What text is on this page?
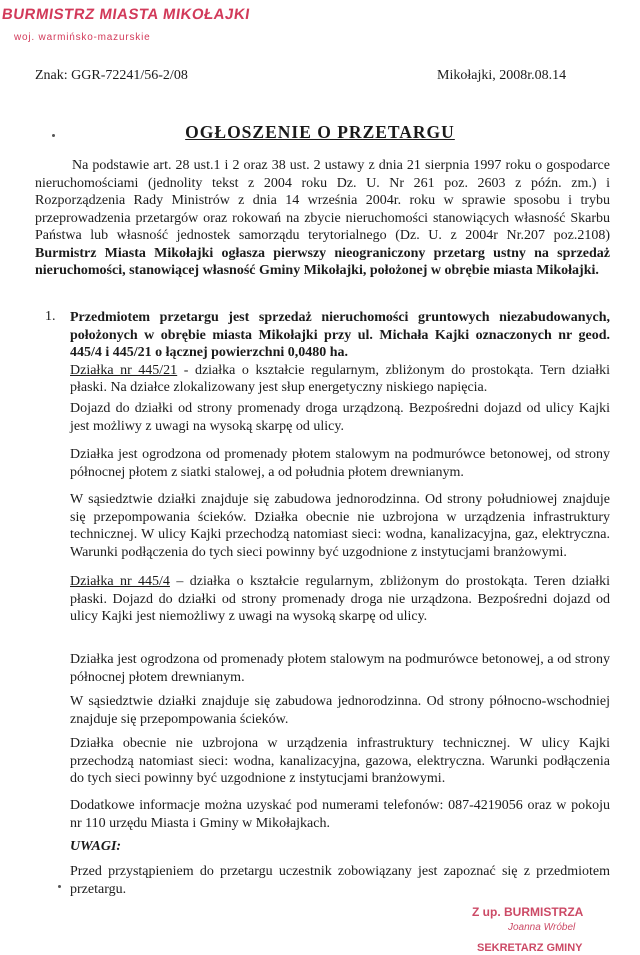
BURMISTRZ MIASTA MIKOŁAJKI
woj. warmińsko-mazurskie
Znak: GGR-72241/56-2/08	Mikołajki, 2008r.08.14
OGŁOSZENIE O PRZETARGU
Na podstawie art. 28 ust.1 i 2 oraz 38 ust. 2 ustawy z dnia 21 sierpnia 1997 roku o gospodarce nieruchomościami (jednolity tekst z 2004 roku Dz. U. Nr 261 poz. 2603 z późn. zm.) i Rozporządzenia Rady Ministrów z dnia 14 września 2004r. roku w sprawie sposobu i trybu przeprowadzenia przetargów oraz rokowań na zbycie nieruchomości stanowiących własność Skarbu Państwa lub własność jednostek samorządu terytorialnego (Dz. U. z 2004r Nr.207 poz.2108) Burmistrz Miasta Mikołajki ogłasza pierwszy nieograniczony przetarg ustny na sprzedaż nieruchomości, stanowiącej własność Gminy Mikołajki, położonej w obrębie miasta Mikołajki.
1. Przedmiotem przetargu jest sprzedaż nieruchomości gruntowych niezabudowanych, położonych w obrębie miasta Mikołajki przy ul. Michała Kajki oznaczonych nr geod. 445/4 i 445/21 o łącznej powierzchni 0,0480 ha.
Działka nr 445/21 - działka o kształcie regularnym, zbliżonym do prostokąta. Tern działki płaski. Na działce zlokalizowany jest słup energetyczny niskiego napięcia.
Dojazd do działki od strony promenady droga urządzoną. Bezpośredni dojazd od ulicy Kajki jest możliwy z uwagi na wysoką skarpę od ulicy.
Działka jest ogrodzona od promenady płotem stalowym na podmurówce betonowej, od strony północnej płotem z siatki stalowej, a od południa płotem drewnianym.
W sąsiedztwie działki znajduje się zabudowa jednorodzinna. Od strony południowej znajduje się przepompowania ścieków. Działka obecnie nie uzbrojona w urządzenia infrastruktury technicznej. W ulicy Kajki przechodzą natomiast sieci: wodna, kanalizacyjna, gaz, elektryczna. Warunki podłączenia do tych sieci powinny być uzgodnione z instytucjami branżowymi.
Działka nr 445/4 – działka o kształcie regularnym, zbliżonym do prostokąta. Teren działki płaski. Dojazd do działki od strony promenady droga nie urządzona. Bezpośredni dojazd od ulicy Kajki jest niemożliwy z uwagi na wysoką skarpę od ulicy.
Działka jest ogrodzona od promenady płotem stalowym na podmurówce betonowej, a od strony północnej płotem drewnianym.
W sąsiedztwie działki znajduje się zabudowa jednorodzinna. Od strony północno-wschodniej znajduje się przepompowania ścieków.
Działka obecnie nie uzbrojona w urządzenia infrastruktury technicznej. W ulicy Kajki przechodzą natomiast sieci: wodna, kanalizacyjna, gazowa, elektryczna. Warunki podłączenia do tych sieci powinny być uzgodnione z instytucjami branżowymi.
Dodatkowe informacje można uzyskać pod numerami telefonów: 087-4219056 oraz w pokoju nr 110 urzędu Miasta i Gminy w Mikołajkach.
UWAGI:
Przed przystąpieniem do przetargu uczestnik zobowiązany jest zapoznać się z przedmiotem przetargu.
Z up. BURMISTRZA
Joanna Wróbel
SEKRETARZ GMINY
